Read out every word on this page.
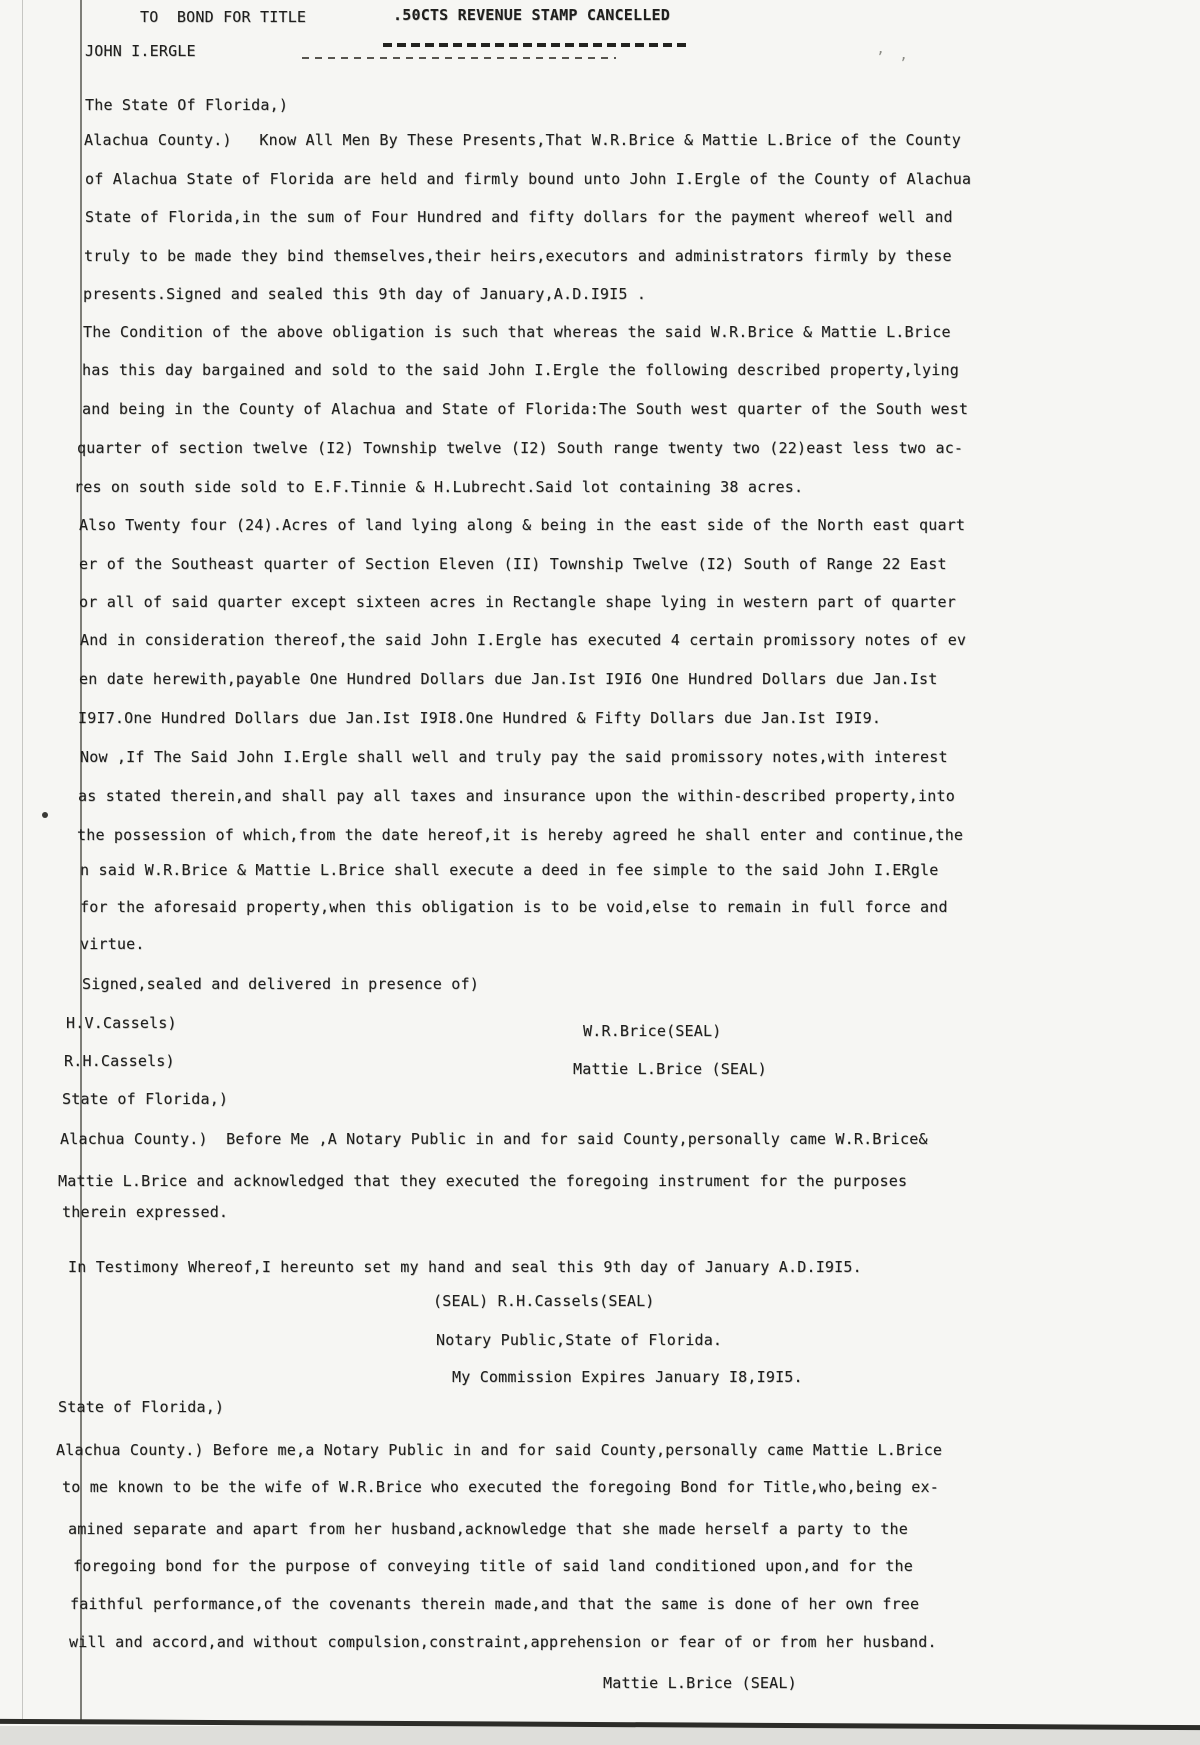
TO  BOND FOR TITLE	.50CTS REVENUE STAMP CANCELLED
JOHN I.ERGLE
The State Of Florida,)
Alachua County.)   Know All Men By These Presents,That W.R.Brice & Mattie L.Brice of the County
of Alachua State of Florida are held and firmly bound unto John I.Ergle of the County of Alachua
State of Florida,in the sum of Four Hundred and fifty dollars for the payment whereof well and
truly to be made they bind themselves,their heirs,executors and administrators firmly by these
presents.Signed and sealed this 9th day of January,A.D.I9I5 .
The Condition of the above obligation is such that whereas the said W.R.Brice & Mattie L.Brice
has this day bargained and sold to the said John I.Ergle the following described property,lying
and being in the County of Alachua and State of Florida:The South west quarter of the South west
quarter of section twelve (I2) Township twelve (I2) South range twenty two (22)east less two ac-
res on south side sold to E.F.Tinnie & H.Lubrecht.Said lot containing 38 acres.
Also Twenty four (24).Acres of land lying along & being in the east side of the North east quart
er of the Southeast quarter of Section Eleven (II) Township Twelve (I2) South of Range 22 East
or all of said quarter except sixteen acres in Rectangle shape lying in western part of quarter
And in consideration thereof,the said John I.Ergle has executed 4 certain promissory notes of ev
en date herewith,payable One Hundred Dollars due Jan.Ist I9I6 One Hundred Dollars due Jan.Ist
I9I7.One Hundred Dollars due Jan.Ist I9I8.One Hundred & Fifty Dollars due Jan.Ist I9I9.
Now ,If The Said John I.Ergle shall well and truly pay the said promissory notes,with interest
as stated therein,and shall pay all taxes and insurance upon the within-described property,into
the possession of which,from the date hereof,it is hereby agreed he shall enter and continue,the
n said W.R.Brice & Mattie L.Brice shall execute a deed in fee simple to the said John I.ERgle
for the aforesaid property,when this obligation is to be void,else to remain in full force and
virtue.
Signed,sealed and delivered in presence of)
H.V.Cassels)	W.R.Brice(SEAL)
R.H.Cassels)	Mattie L.Brice (SEAL)
State of Florida,)
Alachua County.)  Before Me ,A Notary Public in and for said County,personally came W.R.Brice&
Mattie L.Brice and acknowledged that they executed the foregoing instrument for the purposes
therein expressed.
In Testimony Whereof,I hereunto set my hand and seal this 9th day of January A.D.I9I5.
(SEAL) R.H.Cassels(SEAL)
Notary Public,State of Florida.
My Commission Expires January I8,I9I5.
State of Florida,)
Alachua County.) Before me,a Notary Public in and for said County,personally came Mattie L.Brice
to me known to be the wife of W.R.Brice who executed the foregoing Bond for Title,who,being ex-
amined separate and apart from her husband,acknowledge that she made herself a party to the
foregoing bond for the purpose of conveying title of said land conditioned upon,and for the
faithful performance,of the covenants therein made,and that the same is done of her own free
will and accord,and without compulsion,constraint,apprehension or fear of or from her husband.
Mattie L.Brice (SEAL)
’ ’
